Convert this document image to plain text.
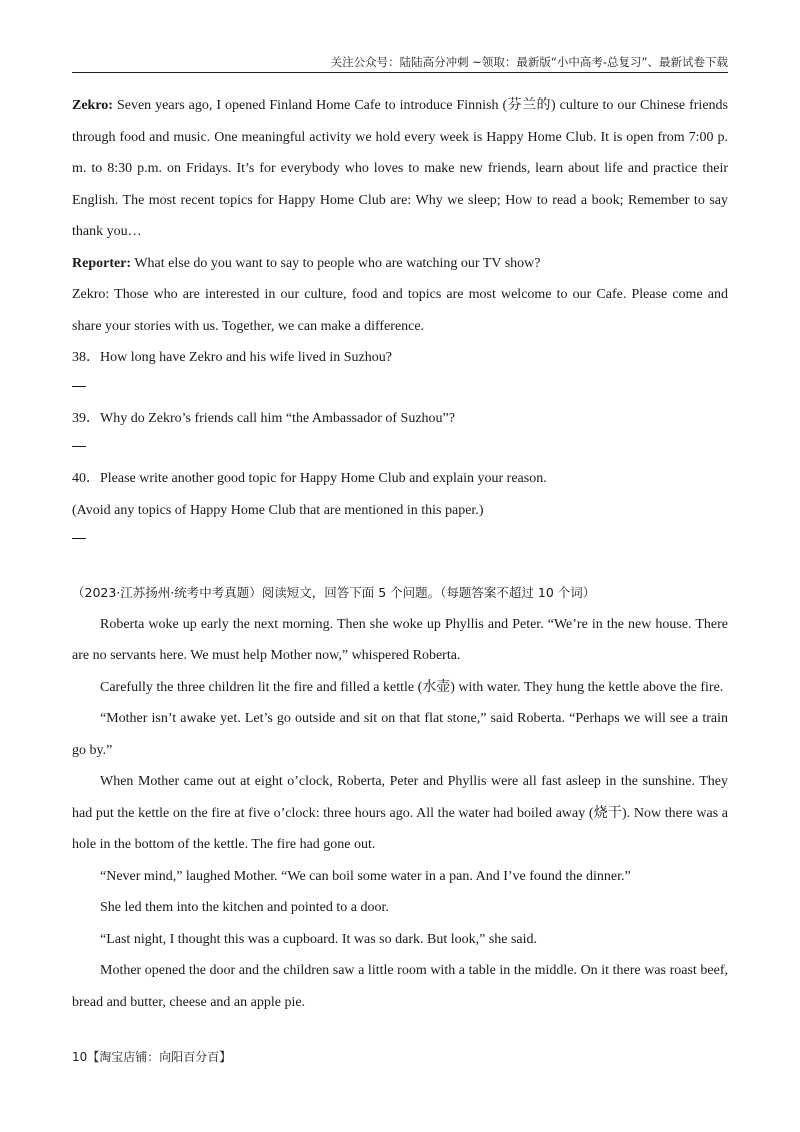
关注公众号：陆陆高分冲刺 ~领取：最新版“小中高考-总复习”、最新试卷下载

Zekro: Seven years ago, I opened Finland Home Cafe to introduce Finnish (芬兰的) culture to our Chinese friends through food and music. One meaningful activity we hold every week is Happy Home Club. It is open from 7:00 p. m. to 8:30 p.m. on Fridays. It’s for everybody who loves to make new friends, learn about life and practice their English. The most recent topics for Happy Home Club are: Why we sleep; How to read a book; Remember to say thank you…

Reporter: What else do you want to say to people who are watching our TV show?

Zekro: Those who are interested in our culture, food and topics are most welcome to our Cafe. Please come and share your stories with us. Together, we can make a difference.

38．How long have Zekro and his wife lived in Suzhou?

39．Why do Zekro’s friends call him “the Ambassador of Suzhou”?

40．Please write another good topic for Happy Home Club and explain your reason.

(Avoid any topics of Happy Home Club that are mentioned in this paper.)

（2023·江苏扬州·统考中考真题）阅读短文，回答下面 5 个问题。（每题答案不超过 10 个词）

Roberta woke up early the next morning. Then she woke up Phyllis and Peter. “We’re in the new house. There are no servants here. We must help Mother now,” whispered Roberta.

Carefully the three children lit the fire and filled a kettle (水壶) with water. They hung the kettle above the fire.

“Mother isn’t awake yet. Let’s go outside and sit on that flat stone,” said Roberta. “Perhaps we will see a train go by.”

When Mother came out at eight o’clock, Roberta, Peter and Phyllis were all fast asleep in the sunshine. They had put the kettle on the fire at five o’clock: three hours ago. All the water had boiled away (烧干). Now there was a hole in the bottom of the kettle. The fire had gone out.

“Never mind,” laughed Mother. “We can boil some water in a pan. And I’ve found the dinner.”

She led them into the kitchen and pointed to a door.

“Last night, I thought this was a cupboard. It was so dark. But look,” she said.

Mother opened the door and the children saw a little room with a table in the middle. On it there was roast beef, bread and butter, cheese and an apple pie.

10【淘宝店铺：向阳百分百】
